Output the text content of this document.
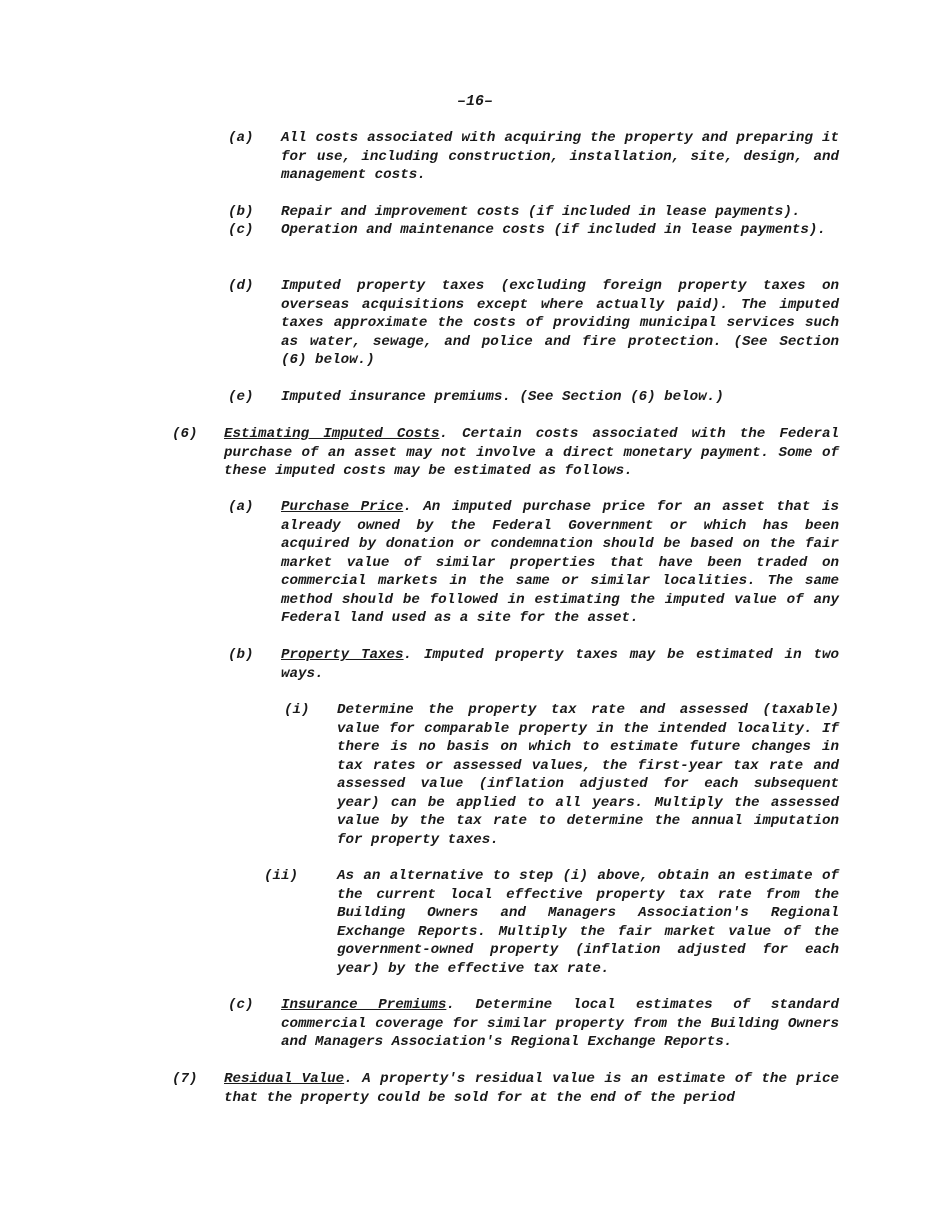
–16–
(a) All costs associated with acquiring the property and preparing it for use, including construction, installation, site, design, and management costs.
(b) Repair and improvement costs (if included in lease payments).
(c) Operation and maintenance costs (if included in lease payments).
(d) Imputed property taxes (excluding foreign property taxes on overseas acquisitions except where actually paid). The imputed taxes approximate the costs of providing municipal services such as water, sewage, and police and fire protection. (See Section (6) below.)
(e) Imputed insurance premiums. (See Section (6) below.)
(6) Estimating Imputed Costs. Certain costs associated with the Federal purchase of an asset may not involve a direct monetary payment. Some of these imputed costs may be estimated as follows.
(a) Purchase Price. An imputed purchase price for an asset that is already owned by the Federal Government or which has been acquired by donation or condemnation should be based on the fair market value of similar properties that have been traded on commercial markets in the same or similar localities. The same method should be followed in estimating the imputed value of any Federal land used as a site for the asset.
(b) Property Taxes. Imputed property taxes may be estimated in two ways.
(i) Determine the property tax rate and assessed (taxable) value for comparable property in the intended locality. If there is no basis on which to estimate future changes in tax rates or assessed values, the first-year tax rate and assessed value (inflation adjusted for each subsequent year) can be applied to all years. Multiply the assessed value by the tax rate to determine the annual imputation for property taxes.
(ii)	As an alternative to step (i) above, obtain an estimate of the current local effective property tax rate from the Building Owners and Managers Association's Regional Exchange Reports. Multiply the fair market value of the government-owned property (inflation adjusted for each year) by the effective tax rate.
(c) Insurance Premiums. Determine local estimates of standard commercial coverage for similar property from the Building Owners and Managers Association's Regional Exchange Reports.
(7) Residual Value. A property's residual value is an estimate of the price that the property could be sold for at the end of the period
